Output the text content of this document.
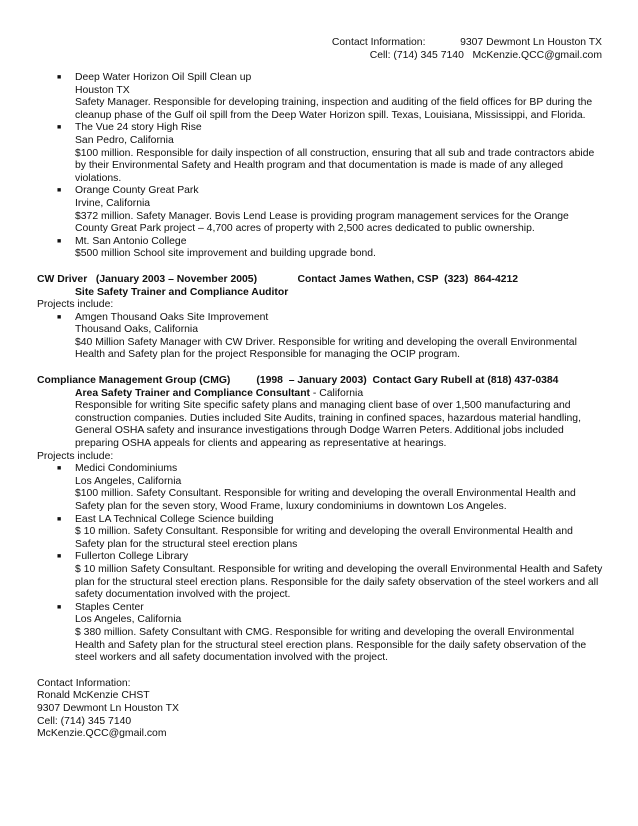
Contact Information:            9307 Dewmont Ln Houston TX
Cell: (714) 345 7140   McKenzie.QCC@gmail.com
■ Deep Water Horizon Oil Spill Clean up
Houston TX
Safety Manager. Responsible for developing training, inspection and auditing of the field offices for BP during the cleanup phase of the Gulf oil spill from the Deep Water Horizon spill. Texas, Louisiana, Mississippi, and Florida.
■ The Vue 24 story High Rise
San Pedro, California
$100 million. Responsible for daily inspection of all construction, ensuring that all sub and trade contractors abide by their Environmental Safety and Health program and that documentation is made is made of any alleged violations.
■ Orange County Great Park
Irvine, California
$372 million. Safety Manager. Bovis Lend Lease is providing program management services for the Orange County Great Park project – 4,700 acres of property with 2,500 acres dedicated to public ownership.
■ Mt. San Antonio College
$500 million School site improvement and building upgrade bond.
CW Driver   (January 2003 – November 2005)              Contact James Wathen, CSP  (323)  864-4212
Site Safety Trainer and Compliance Auditor
Projects include:
■ Amgen Thousand Oaks Site Improvement
Thousand Oaks, California
$40 Million Safety Manager with CW Driver. Responsible for writing and developing the overall Environmental Health and Safety plan for the project Responsible for managing the OCIP program.
Compliance Management Group (CMG)         (1998  – January 2003)  Contact Gary Rubell at (818) 437-0384
Area Safety Trainer and Compliance Consultant - California
Responsible for writing Site specific safety plans and managing client base of over 1,500 manufacturing and construction companies. Duties included Site Audits, training in confined spaces, hazardous material handling, General OSHA safety and insurance investigations through Dodge Warren Peters. Additional jobs included preparing OSHA appeals for clients and appearing as representative at hearings.
Projects include:
■ Medici Condominiums
Los Angeles, California
$100 million. Safety Consultant. Responsible for writing and developing the overall Environmental Health and Safety plan for the seven story, Wood Frame, luxury condominiums in downtown Los Angeles.
■ East LA Technical College Science building
$ 10 million. Safety Consultant. Responsible for writing and developing the overall Environmental Health and Safety plan for the structural steel erection plans
■ Fullerton College Library
$ 10 million Safety Consultant. Responsible for writing and developing the overall Environmental Health and Safety plan for the structural steel erection plans. Responsible for the daily safety observation of the steel workers and all safety documentation involved with the project.
■ Staples Center
Los Angeles, California
$ 380 million. Safety Consultant with CMG. Responsible for writing and developing the overall Environmental Health and Safety plan for the structural steel erection plans. Responsible for the daily safety observation of the steel workers and all safety documentation involved with the project.
Contact Information:
Ronald McKenzie CHST
9307 Dewmont Ln Houston TX
Cell: (714) 345 7140
McKenzie.QCC@gmail.com
